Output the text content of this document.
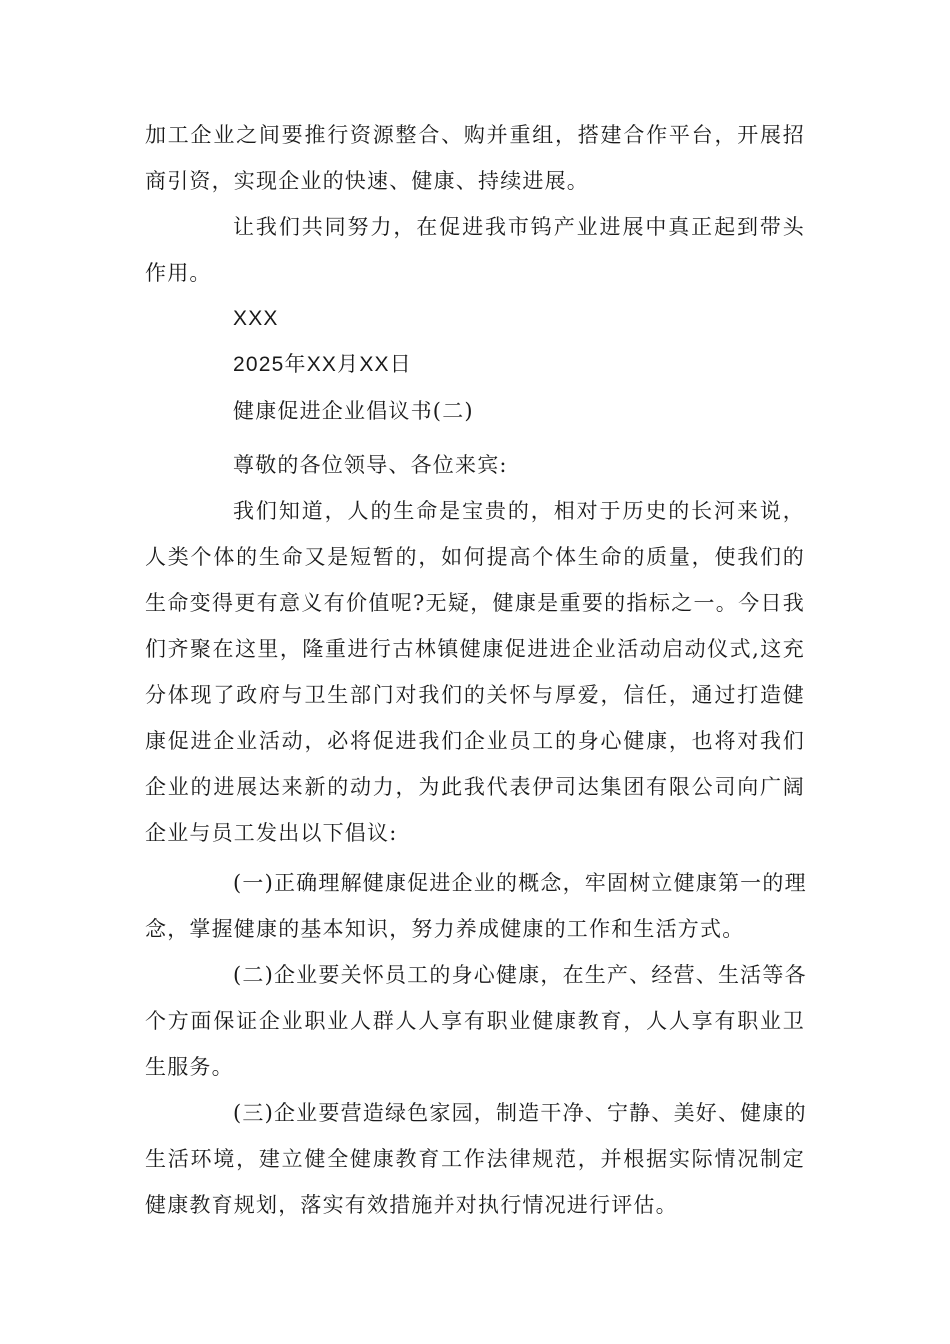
加工企业之间要推行资源整合、购并重组，搭建合作平台，开展招
商引资，实现企业的快速、健康、持续进展。
让我们共同努力，在促进我市钨产业进展中真正起到带头
作用。
XXX
2025年XX月XX日
健康促进企业倡议书(二)
尊敬的各位领导、各位来宾:
我们知道，人的生命是宝贵的，相对于历史的长河来说，
人类个体的生命又是短暂的，如何提高个体生命的质量，使我们的
生命变得更有意义有价值呢?无疑，健康是重要的指标之一。今日我
们齐聚在这里，隆重进行古林镇健康促进进企业活动启动仪式,这充
分体现了政府与卫生部门对我们的关怀与厚爱，信任，通过打造健
康促进企业活动，必将促进我们企业员工的身心健康，也将对我们
企业的进展达来新的动力，为此我代表伊司达集团有限公司向广阔
企业与员工发出以下倡议:
(一)正确理解健康促进企业的概念，牢固树立健康第一的理
念，掌握健康的基本知识，努力养成健康的工作和生活方式。
(二)企业要关怀员工的身心健康，在生产、经营、生活等各
个方面保证企业职业人群人人享有职业健康教育，人人享有职业卫
生服务。
(三)企业要营造绿色家园，制造干净、宁静、美好、健康的
生活环境，建立健全健康教育工作法律规范，并根据实际情况制定
健康教育规划，落实有效措施并对执行情况进行评估。
